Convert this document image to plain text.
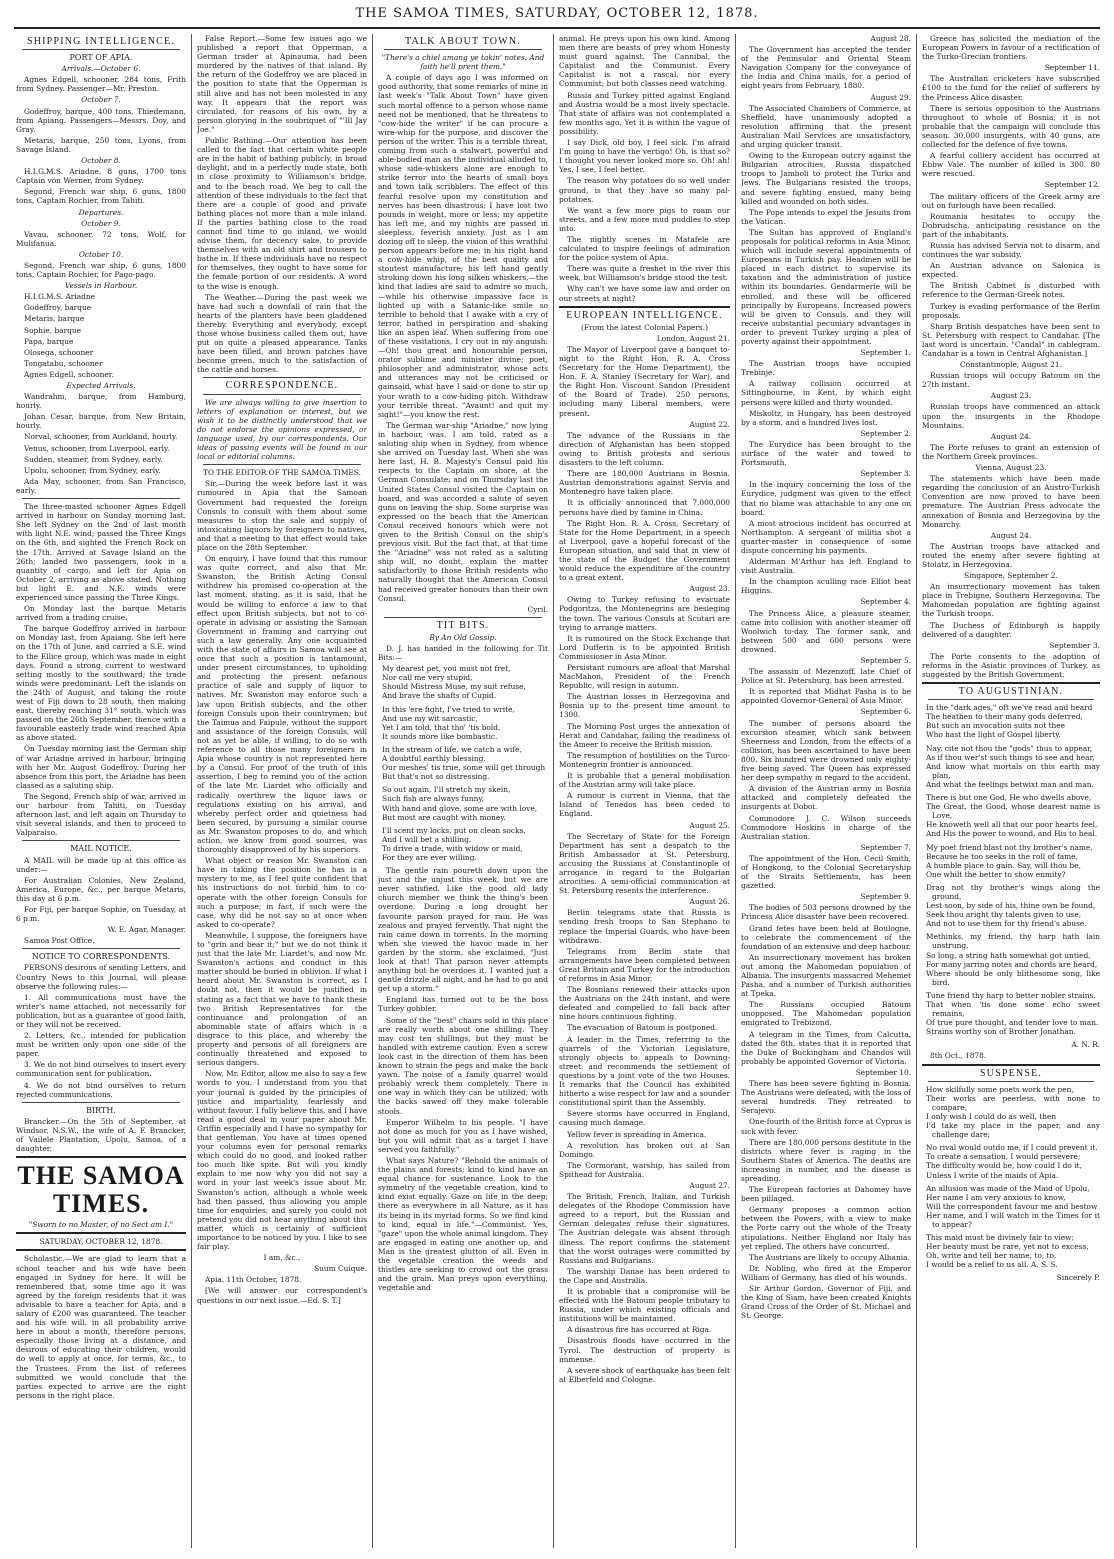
THE SAMOA TIMES, SATURDAY, OCTOBER 12, 1878.
SHIPPING INTELLIGENCE.
PORT OF APIA.

Arrivals.—October 6.

Agnes Edgell, schooner, 284 tons, Frith from Sydney. Passenger—Mr. Preston.

October 7.

Godeffroy, barque, 400 tons, Thiedemann, from Apiang. Passengers—Messrs. Doy, and Gray.

Metaris, barque, 250 tons, Lyons, from Savage Island.

October 8.

H.I.G.M.S. Ariadne, 8 guns, 1700 tons Captain von Werner, from Sydney.

Segond, French war ship, 6 guns, 1800 tons, Captain Rochier, from Tahiti.

Departures.

October 9.

Vavau, schooner, 72 tons, Wolf, for Mulifanua.

October 10.

Segond, French war ship, 6 guns, 1800 tons, Captain Rochier, for Pago-pago.

Vessels in Harbour.

H.I.G.M.S. Ariadne

Godeffroy, barque

Metaris, barque

Sophie, barque

Papa, barque

Olosega, schooner

Tongatabu, schooner

Agnes Edgell, schooner.

Expected Arrivals.

Wandrahm, barque, from Hamburg, hourly.

Johan Cesar, barque, from New Britain, hourly.

Norval, schooner, from Auckland, hourly.

Venus, schooner, from Liverpool, early.

Sudden, steamer, from Sydney, early.

Upolu, schooner, from Sydney, early.

Ada May, schooner, from San Francisco, early.

The three-masted schooner Agnes Edgell arrived in harbour on Sunday morning last. She left Sydney on the 2nd of last month with light N.E. wind; passed the Three Kings on the 6th, and sighted the French Rock on the 17th. Arrived at Savage Island on the 26th; landed two passengers, took in a quantity of cargo, and left for Apia on October 2, arriving as above stated. Nothing but light E. and N.E. winds were experienced since passing the Three Kings.

On Monday last the barque Metaris arrived from a trading cruise.

The barque Godeffroy arrived in harbour on Monday last, from Apaiang. She left here on the 17th of June, and carried a S.E. wind to the Ellice group, which was made in eight days. Found a strong current to westward setting mostly to the southward; the trade winds were predominant. Left the islands on the 24th of August, and taking the route west of Fiji down to 28 south, then making east, thereby reaching 31° south, which was passed on the 26th September, thence with a favourable easterly trade wind reached Apia as above stated.

On Tuesday morning last the German ship of war Ariadne arrived in harbour, bringing with her Mr. August Godeffroy. During her absence from this port, the Ariadne has been classed as a saluting ship.

The Segond, French ship of war, arrived in our harbour from Tahiti, on Tuesday afternoon last, and left again on Thursday to visit several islands, and then to proceed to Valparaiso.

MAIL NOTICE.

A MAIL will be made up at this office as under:—

For Australian Colonies, New Zealand, America, Europe, &c., per barque Metaris, this day at 6 p.m.

For Fiji, per barque Sophie, on Tuesday, at 6 p.m.

W. E. Agar, Manager.

Samoa Post Office.

NOTICE TO CORRESPONDENTS.

PERSONS desirous of sending Letters, and Country News to this Journal, will please observe the following rules:—

1. All communications must have the writer's name attached, not necessarily for publication, but as a guarantee of good faith, or they will not be received.

2. Letters, &c., intended for publication must be written only upon one side of the paper.

3. We do not bind ourselves to insert every communication sent for publication.

4. We do not bind ourselves to return rejected communications.

BIRTH.

Brancker.—On the 5th of September, at Windsor, N.S.W., the wife of A. F. Brancker, of Vailele Plantation, Upolu, Samoa, of a daughter.

THE SAMOA TIMES.

"Sworn to no Master, of no Sect am I."

SATURDAY, OCTOBER 12, 1878.

Scholastic.—We are glad to learn that a school teacher and his wife have been engaged in Sydney for here. It will be remembered that, some time ago it was agreed by the foreign residents that it was advisable to have a teacher for Apia, and a salary of £200 was guaranteed. The teacher and his wife will, in all probability arrive here in about a month, therefore persons, especially those living at a distance, and desirous of educating their children, would do well to apply at once, for terms, &c., to the Trustees. From the list of referees submitted we would conclude that the parties expected to arrive are the right persons in the right place.

False Report.—Some few issues ago we published a report that Opperman, a German trader at Apinauma, had been murdered by the natives of that island. By the return of the Godeffroy we are placed in the position to state that the Opperman is still alive and has not been molested in any way. It appears that the report was circulated, for reasons of his own, by a person glorying in the soubriquet of "'Ill Jay Joe."

Public Bathing.—Our attention has been called to the fact that certain white people are in the habit of bathing publicly, in broad daylight, and in a perfectly nude state, both in close proximity to Williamson's bridge, and to the beach road. We beg to call the attention of these individuals to the fact that there are a couple of good and private bathing places not more than a mile inland. If the parties bathing close to the road cannot find time to go inland, we would advise them, for decency sake, to provide themselves with an old shirt and trousers to bathe in. If these individuals have no respect for themselves, they ought to have some for the female portion of our residents. A word to the wise is enough.

The Weather.—During the past week we have had such a downfall of rain that the hearts of the planters have been gladdened thereby. Everything and everybody, except those whose business called them out, have put on quite a pleased appearance. Tanks have been filled, and brown patches have become green, much to the satisfaction of the cattle and horses.

CORRESPONDENCE.

We are always willing to give insertion to letters of explanation or interest, but we wish it to be distinctly understood that we do not endorse the opinions expressed, or language used, by our correspondents. Our ideas of passing events will be found in our local or editorial columns.

TO THE EDITOR OF THE SAMOA TIMES.

Sir,—During the week before last it was rumoured in Apia that the Samoan Government had requested the foreign Consuls to consult with them about some measures to stop the sale and supply of intoxicating liquors by foreigners to natives, and that a meeting to that effect would take place on the 28th September.

On enquiry, I have found that this rumour was quite correct, and also that Mr. Swanston, the British Acting Consul withdrew his promised co-operation at the last moment, stating, as it is said, that he would be willing to enforce a law to that effect upon British subjects, but not to co-operate in advising or assisting the Samoan Government in framing and carrying out such a law generally. Any one acquainted with the state of affairs in Samoa will see at once that such a position is tantamount, under present circumstances, to upholding and protecting the present nefarious practice of sale and supply of liquor to natives. Mr. Swanston may enforce such a law upon British subjects, and the other foreign Consuls upon their countrymen; but the Taimua and Faipule, without the support and assistance of the foreign Consuls, will not as yet be able, if willing, to do so with reference to all those many foreigners in Apia whose country is not represented here by a Consul. For proof of the truth of this assertion, I beg to remind you of the action of the late Mr. Liardet who officially and radically overthrew the liquor laws or regulations existing on his arrival, and whereby perfect order and quietness had been secured, by pursuing a similar course as Mr. Swanston proposes to do, and which action, we know from good sources, was thoroughly disapproved of by his superiors.

What object or reason Mr. Swanston can have in taking the position he has is a mystery to me, as I feel quite confident that his instructions do not forbid him to co-operate with the other foreign Consuls for such a purpose; in fact, if such were the case, why did he not say so at once when asked to co-operate?

Meanwhile, I suppose, the foreigners have to "grin and bear it;" but we do not think it just that the late Mr. Liardet's, and now Mr. Swanston's actions and conduct in this matter should be buried in oblivion. If what I heard about Mr. Swanston is correct, as I doubt not, then it would be justified in stating as a fact that we have to thank these two British Representatives for the continuance and prolongation of an abominable state of affairs which is a disgrace to this place, and whereby the property and persons of all foreigners are continually threatened and exposed to serious dangers.

Now, Mr. Editor, allow me also to say a few words to you. I understand from you that your journal is guided by the principles of justice and impartiality, fearlessly and without favour. I fully believe this, and I have read a good deal in your paper about Mr. Griffin especially and I have no sympathy for that gentleman. You have at times opened your columns even for personal remarks which could do no good, and looked rather too much like spite. But will you kindly explain to me now why you did not say a word in your last week's issue about Mr. Swanston's action, although a whole week had then passed, thus allowing you ample time for enquiries; and surely you could not pretend you did not hear anything about this matter, which is certainly of sufficient importance to be noticed by you. I like to see fair play.

I am, &c.,

Suum Cuique.

Apia, 11th October, 1878.

[We will answer our correspondent's questions in our next issue.—Ed. S. T.]

TALK ABOUT TOWN.

"There's a chiel amang ye takin' notes, And faith he'll prent them."

A couple of days ago I was informed on good authority, that some remarks of mine in last week's "Talk About Town" have given such mortal offence to a person whose name need not be mentioned, that he threatens to "cow-hide the writer" if he can procure a wire-whip for the purpose, and discover the person of the writer. This is a terrible threat, coming from such a stalwart, powerful and able-bodied man as the individual alluded to, whose side-whiskers alone are enough to strike terror into the hearts of small boys and town talk scribblers. The effect of this fearful resolve upon my constitution and nerves has been disastrous; I have lost two pounds in weight, more or less; my appetite has left me, and my nights are passed in sleepless, feverish anxiety. Just as I am dozing off to sleep, the vision of this wrathful person appears before me; in his right hand a cow-hide whip, of the best quality and stoutest manufacture; his left hand gently stroking down his long silken whiskers,—the kind that ladies are said to admire so much,—while his otherwise impassive face is lighted up with a Satanic-like smile so terrible to behold that I awake with a cry of terror, bathed in perspiration and shaking like an aspen leaf. When suffering from one of these visitations, I cry out in my anguish:—Oh! thou great and honourable person, orator sublime and minister divine; poet, philosopher and administrator, whose acts and utterances may not be criticised or gainsaid, what have I said or done to stir up your wrath to a cow-hiding pitch. Withdraw your terrible threat. "Avaunt! and quit my sight!"—you know the rest.

The German war-ship "Ariadne," now lying in harbour, was, I am told, rated as a saluting ship when in Sydney, from whence she arrived on Tuesday last. When she was here last, H. B. Majesty's Consul paid his respects to the Captain on shore, at the German Consulate; and on Thursday last the United States Consul visited the Captain on board, and was accorded a salute of seven guns on leaving the ship. Some surprise was expressed on the beach that the American Consul received honours which were not given to the British Consul on the ship's previous visit. But the fact that, at that time the "Ariadne" was not rated as a saluting ship will, no doubt, explain the matter satisfactorily to those British residents who naturally thought that the American Consul had received greater honours than their own Consul.

Cyril.

TIT BITS.

By An Old Gossip.

D. J. has handed in the following for Tit Bits:—

My dearest pet, you must not fret,
Nor call me very stupid,
Should Mistress Muse, my suit refuse,
And brave the shafts of Cupid.
In this 'ere fight, I've tried to write,
And use my wit sarcastic,
Yet I am told, that tho' 'tis bold,
It sounds more like bombastic.
In the stream of life, we catch a wife,
A doubtful earthly blessing,
Our meshes' tis true, some will get through
But that's not so distressing.
So out again, I'll stretch my skein,
Such fish are always funny,
With hand and glove, some are with love,
But most are caught with money.
I'll scent my locks, put on clean socks,
And I will bet a shilling,
To drive a trade, with widow or maid,
For they are ever willing.

The gentle rain poureth down upon the just and the unjust this week, but we are never satisfied. Like the good old lady church member we think the thing's been overdone. During a long drought her favourite parson prayed for rain. He was zealous and prayed fervently. That night the rain came down in torrents. In the morning when she viewed the havoc made in her garden by the storm, she exclaimed, "Just look at that! That parson never attempts anything but he overdoes it. I wanted just a gentle drizzle all night, and he had to go and get up a storm."

England has turned out to be the boss Turkey gobbler.

Some of the "best" chairs sold in this place are really worth about one shilling. They may cost ten shillings, but they must be handled with extreme caution. Even a screw look cast in the direction of them has been known to strain the pegs and make the back yawn. The noise of a family quarrel would probably wreck them completely. There is one way in which they can be utilized; with the backs sawed off they make tolerable stools.

Emperor Wilhelm to his people. "I have not done as much for you as I have wished, but you will admit that as a target I have served you faithfully."

What says Nature? "Behold the animals of the plains and forests; kind to kind have an equal chance for sustenance. Look to the symmetry of the vegetable creation, kind to kind exist equally. Gaze on life in the deep; there as everywhere in all Nature, as it has its being in its myriad forms. So we find kind to kind, equal in life."—Communist. Yes, "gaze" upon the whole animal kingdom. They are engaged in eating one another up, and Man is the greatest glutton of all. Even in the vegetable creation the weeds and thistles are seeking to crowd out the grass and the grain. Man preys upon everything, vegetable and

animal. He preys upon his own kind. Among men there are beasts of prey whom Honesty must guard against. The Cannibal, the Capitalist and the Communist. Every Capitalist is not a rascal, nor every Communist; but both classes need watching.

Russia and Turkey pitted against England and Austria would be a most lively spectacle. That state of affairs was not contemplated a few months ago. Yet it is within the vague of possibility.

I say Dick, old boy, I feel sick. I'm afraid I'm going to have the vertigo! Oh, is that so? I thought you never looked more so. Oh! ah! Yes, I see, I feel better.

The reason why potatoes do so well under ground, is that they have so many pal-potatoes.

We want a few more pigs to roam our streets, and a few more mud puddles to step into.

The nightly scenes in Matafele are calculated to inspire feelings of admiration for the police system of Apia.

There was quite a freshet in the river this week, but Williamson's bridge stood the test.

Why can't we have some law and order on our streets at night?

EUROPEAN INTELLIGENCE.

(From the latest Colonial Papers.)

London, August 21.

The Mayor of Liverpool gave a banquet to-night to the Right Hon. R. A. Cross (Secretary for the Home Department), the Hon. F. A. Stanley (Secretary for War), and the Right Hon. Viscount Sandon (President of the Board of Trade). 250 persons, including many Liberal members, were present.

August 22.

The advance of the Russians in the direction of Afghanistan has been stopped owing to British protests and serious disasters to the left column.

There are 180,000 Austrians in Bosnia. Austrian demonstrations against Servia and Montenegro have taken place.

It is officially announced that 7,000,000 persons have died by famine in China.

The Right Hon. R. A. Cross, Secretary of State for the Home Department, in a speech at Liverpool, gave a hopeful forecast of the European situation, and said that in view of the state of the Budget the Government would reduce the expenditure of the country to a great extent.

August 23.

Owing to Turkey refusing to evacuate Podgoritza, the Montenegrins are besieging the town. The various Consuls at Scutari are trying to arrange matters.

It is rumoured on the Stock Exchange that Lord Dufferin is to be appointed British Commissioner in Asia Minor.

Persistant rumours are afloat that Marshal MacMahon, President of the French Republic, will resign in autumn.

The Austrian losses in Herzegovina and Bosnia up to the present time amount to 1300.

The Morning Post urges the annexation of Herat and Candahar, failing the readiness of the Ameer to receive the British mission.

The resumption of hostilities on the Turco-Montenegrin frontier is announced.

It is probable that a general mobilisation of the Austrian army will take place.

A rumour is current in Vienna, that the Island of Tenedos has been ceded to England.

August 25.

The Secretary of State for the Foreign Department has sent a despatch to the British Ambassador at St. Petersburg, accusing the Russians at Constantinople of arrogance in regard to the Bulgarian atrocities. A semi-official communication at St. Petersburg resents the interference.

August 26.

Berlin telegrams state that Russia is sending fresh troops to San Stephano to replace the Imperial Guards, who have been withdrawn.

Telegrams from Berlin state that arrangements have been completed between Great Britain and Turkey for the introduction of reforms in Asia Minor.

The Bosnians renewed their attacks upon the Austrians on the 24th instant, and were defeated and compelled to fall back after nine hours continuous fighting.

The evacuation of Batoum is postponed.

A leader in the Times, referring to the quarrels of the Victorian Legislature, strongly objects to appeals to Downing-street, and recommends the settlement of questions by a joint vote of the two Houses. It remarks that the Council has exhibited hitherto a wise respect for law and a sounder constitutional spirit than the Assembly.

Severe storms have occurred in England, causing much damage.

Yellow fever is spreading in America.

A revolution has broken out at San Domingo.

The Cormorant, warship, has sailed from Spithead for Australia.

August 27.

The British, French, Italian, and Turkish delegates of the Rhodope Commission have agreed to a report, but the Russian and German delegates refuse their signatures. The Austrian delegate was absent through illness. The report confirms the statement that the worst outrages were committed by Russians and Bulgarians.

The warship Danae has been ordered to the Cape and Australia.

It is probable that a compromise will be effected with the Batoum people tributary to Russia, under which existing officials and institutions will be maintained.

A disastrous fire has occurred at Riga.

Disastrous floods have occurred in the Tyrol. The destruction of property is immense.

A severe shock of earthquake has been felt at Elberfeld and Cologne.

August 28.

The Government has accepted the tender of the Peninsular and Oriental Steam Navigation Company for the conveyance of the India and China mails, for a period of eight years from February, 1880.

August 29.

The Associated Chambers of Commerce, at Sheffield, have unanimously adopted a resolution affirming that the present Australian Mail Services are unsatisfactory, and urging quicker transit.

Owing to the European outcry against the Bulgarian atrocities, Russia dispatched troops to Jamboli to protect the Turks and Jews. The Bulgarians resisted the troops, and severe fighting ensued, many being killed and wounded on both sides.

The Pope intends to expel the Jesuits from the Vatican.

The Sultan has approved of England's proposals for political reforms in Asia Minor, which will include several appointments of Europeans in Turkish pay. Headmen will be placed in each district to supervise its taxation and the administration of justice within its boundaries. Gendarmerie will be enrolled, and these will be officered principally by Europeans. Increased powers will be given to Consuls, and they will receive substantial pecuniary advantages in order to prevent Turkey urging a plea of poverty against their appointment.

September 1.

The Austrian troops have occupied Trebinje.

A railway collision occurred at Sittingbourne, in Kent, by which eight persons were killed and thirty wounded.

Miskoltz, in Hungary, has been destroyed by a storm, and a hundred lives lost.

September 2.

The Eurydice has been brought to the surface of the water and towed to Portsmouth.

September 3.

In the inquiry concerning the loss of the Eurydice, judgment was given to the effect that no blame was attachable to any one on board.

A most atrocious incident has occurred at Northampton. A sergeant of militia shot a quarter-master in consequence of some dispute concerning his payments.

Alderman M'Arthur has left England to visit Australia.

In the champion sculling race Elliot beat Higgins.

September 4.

The Princess Alice, a pleasure steamer, came into collision with another steamer off Woolwich to-day. The former sank, and between 500 and 600 persons were drowned.

September 5.

The assassin of Mezenzoff, late Chief of Police at St. Petersburg, has been arrested.

It is reported that Midhat Pasha is to be appointed Governor-General of Asia Minor.

September 6.

The number of persons aboard the excursion steamer, which sank between Sheerness and London, from the effects of a collision, has been ascertained to have been 800. Six hundred were drowned only eighty-five being saved. The Queen has expressed her deep sympathy in regard to the accident.

A division of the Austrian army in Bosnia attacked and completely defeated the insurgents at Doboi.

Commodore J. C. Wilson succeeds Commodore Hoskins in charge of the Australian station.

September 7.

The appointment of the Hon. Cecil Smith, of Hongkong, to the Colonial Secretaryship of the Straits Settlements, has been gazetted.

September 9.

The bodies of 503 persons drowned by the Princess Alice disaster have been recovered.

Grand fetes have been held at Boulogne, to celebrate the commencement of the foundation of an extensive and deep harbour.

An insurrectionary movement has broken out among the Mahomedan population of Albania. The insurgents massacred Mehemet Pasha, and a number of Turkish authorities at Tpeka.

The Russians occupied Batoum unopposed. The Mahomedan population emigrated to Trebizond.

A telegram in the Times, from Calcutta, dated the 8th, states that it is reported that the Duke of Buckingham and Chandos will probably be appointed Governor of Victoria.

September 10.

There has been severe fighting in Bosnia. The Austrians were defeated, with the loss of several hundreds. They retreated to Serajevo.

One-fourth of the British force at Cyprus is sick with fever.

There are 180,000 persons destitute in the districts where fever is raging in the Southern States of America. The deaths are increasing in number, and the disease is spreading.

The European factories at Dahomey have been pillaged.

Germany proposes a common action between the Powers, with a view to make the Porte carry out the whole of the Treaty stipulations. Neither England nor Italy has yet replied. The others have concurred.

The Austrians are likely to occupy Albania.

Dr. Nobling, who fired at the Emperor William of Germany, has died of his wounds.

Sir Arthur Gordon, Governor of Fiji, and the King of Siam, have been created Knights Grand Cross of the Order of St. Michael and St. George.

Greece has solicited the mediation of the European Powers in favour of a rectification of the Turko-Grecian frontiers.

September 11.

The Australian cricketers have subscribed £100 to the fund for the relief of sufferers by the Princess Alice disaster.

There is serious opposition to the Austrians throughout to whole of Bosnia; it is not probable that the campaign will conclude this season. 30,000 insurgents, with 40 guns, are collected for the defence of five towns.

A fearful colliery accident has occurred at Ebbw Vale. The number of killed is 300. 80 were rescued.

September 12.

The military officers of the Greek army are out on furlough have been recalled.

Roumania hesitates to occupy the Dobrudscha, anticipating resistance on the part of the inhabitants.

Russia has advised Servia not to disarm, and continues the war subsidy.

An Austrian advance on Salonica is expected.

The British Cabinet is disturbed with reference to the German-Greek notes.

Turkey is evading performance of the Berlin proposals.

Sharp British despatches have been sent to St. Petersburg with respect to Candahar. [The last word is uncertain. "Candal" in cablegram. Candahar is a town in Central Afghanistan.]

Constantinople, August 21.

Russian troops will occupy Batoum on the 27th instant.

August 23.

Russian troops have commenced an attack upon the insurgents in the Rhodope Mountains.

August 24.

The Porte refuses to grant an extension of the Northern Greek provinces.

Vienna, August 23.

The statements which have been made regarding the conclusion of an Austro-Turkish Convention are now proved to have been premature. The Austrian Press advocate the annexation of Bosnia and Herzegovina by the Monarchy.

August 24.

The Austrian troops have attacked and routed the enemy after severe fighting at Stolatz, in Herzegovina.

Singapore, September 2.

An insurrectionary movement has taken place in Trebigne, Southern Herzegovina. The Mahomedan population are fighting against the Turkish troops.

The Duchess of Edinburgh is happily delivered of a daughter.

September 3.

The Porte consents to the adoption of reforms in the Asiatic provinces of Turkey, as suggested by the British Government.

TO AUGUSTINIAN.
In the "dark ages," oft we've read and heard
The heathen to their many gods deferred,
But such an invocation suits not thee
Who hast the light of Gospel liberty.
Nay, cite not thou the "gods" thus to appear,
As if thou wer'st such things to see and hear,
And know what mortals on this earth may plan,
And what the feelings betwixt man and man.
There is but one God, He who dwells above,
The Great, the Good, whose dearest name is Love,
He knoweth well all that our poor hearts feel,
And His the power to wound, and His to heal.
My poet friend blast not thy brother's name,
Because he too seeks in the roll of fame,
A humble place to gain. Say, will thou be,
One whilt the better to show enmity?
Drag not thy brother's wings along the ground,
Lest soon, by side of his, thine own be found,
Seek thou aright thy talents given to use,
And not to use them for thy friend's abuse.
Methinks, my friend, thy harp hath lain unstrung,
So long, a string hath somewhat got untied,
For many jarring notes and chords are heard,
Where should be only blithesome song, like bird.
Tune friend thy harp to better nobler strains,
That when 'tis done some echo sweet remains,
Of true pure thought, and tender love to man.
Strains worthy son of Brother Jonathan.

A. N. R.

8th Oct., 1878.

SUSPENSE.
How skilfully some poets work the pen,
Their works are peerless, with none to compare,
I only wish I could do as well, then
I'd take my place in the paper, and any challenge dare;
No rival would outdo me, if I could prevent it.
To create a sensation, I would persevere;
The difficulty would be, how could I do it,
Unless I write of the maids of Apia.
An allusion was made of the Maid of Upolu,
Her name I am very anxious to know,
Will the correspondent favour me and bestow
Her name, and I will watch in the Times for it to appear?
This maid must be divinely fair to view;
Her beauty must be rare, yet not to excess,
Oh, write and tell her name, to, to,
I would be a relief to us all. A. S. S.

Sincerely P.
